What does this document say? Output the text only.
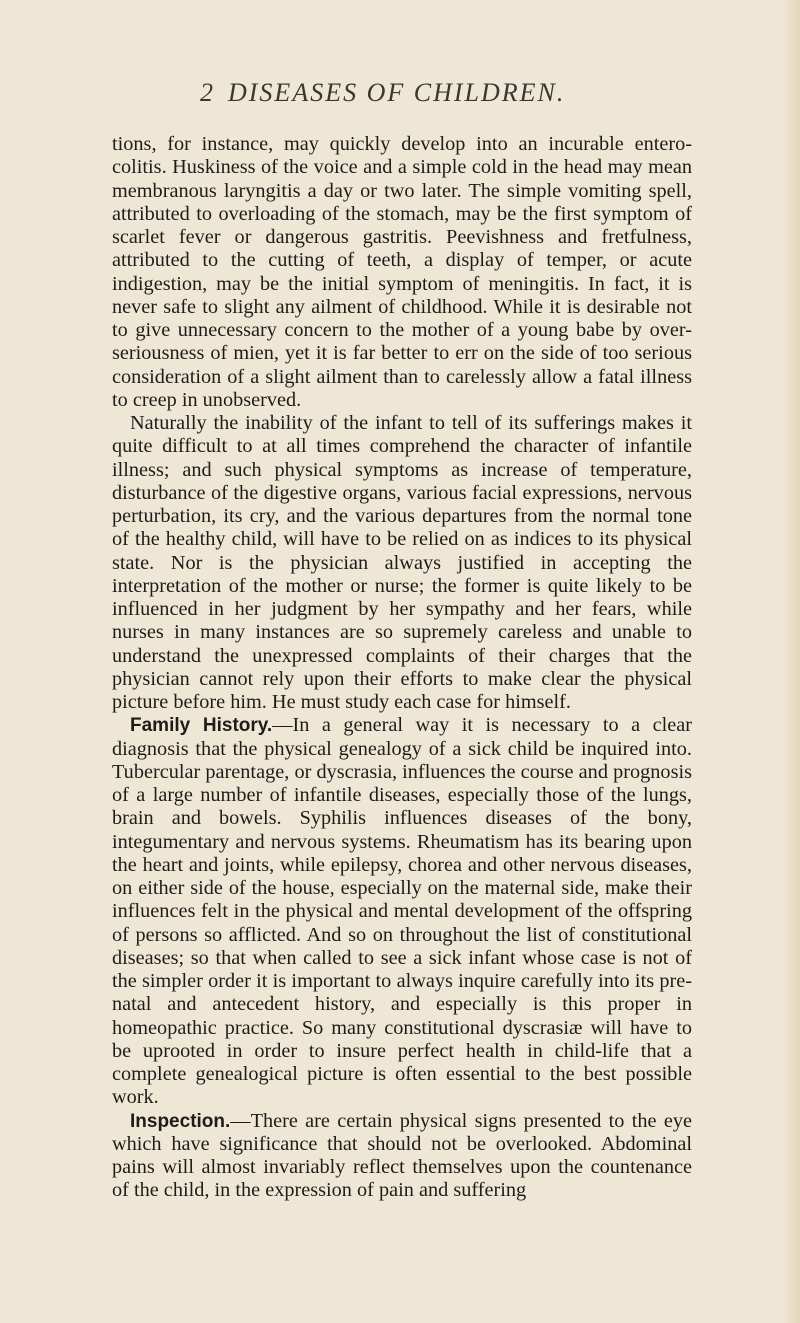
2 DISEASES OF CHILDREN.

tions, for instance, may quickly develop into an incurable entero-colitis. Huskiness of the voice and a simple cold in the head may mean membranous laryngitis a day or two later. The simple vomiting spell, attributed to overloading of the stomach, may be the first symptom of scarlet fever or dangerous gastritis. Peevishness and fretfulness, attributed to the cutting of teeth, a display of temper, or acute indigestion, may be the initial symptom of meningitis. In fact, it is never safe to slight any ailment of childhood. While it is desirable not to give unnecessary concern to the mother of a young babe by over-seriousness of mien, yet it is far better to err on the side of too serious consideration of a slight ailment than to carelessly allow a fatal illness to creep in unobserved.

Naturally the inability of the infant to tell of its sufferings makes it quite difficult to at all times comprehend the character of infantile illness; and such physical symptoms as increase of temperature, disturbance of the digestive organs, various facial expressions, nervous perturbation, its cry, and the various departures from the normal tone of the healthy child, will have to be relied on as indices to its physical state. Nor is the physician always justified in accepting the interpretation of the mother or nurse; the former is quite likely to be influenced in her judgment by her sympathy and her fears, while nurses in many instances are so supremely careless and unable to understand the unexpressed complaints of their charges that the physician cannot rely upon their efforts to make clear the physical picture before him. He must study each case for himself.

Family History.—In a general way it is necessary to a clear diagnosis that the physical genealogy of a sick child be inquired into. Tubercular parentage, or dyscrasia, influences the course and prognosis of a large number of infantile diseases, especially those of the lungs, brain and bowels. Syphilis influences diseases of the bony, integumentary and nervous systems. Rheumatism has its bearing upon the heart and joints, while epilepsy, chorea and other nervous diseases, on either side of the house, especially on the maternal side, make their influences felt in the physical and mental development of the offspring of persons so afflicted. And so on throughout the list of constitutional diseases; so that when called to see a sick infant whose case is not of the simpler order it is important to always inquire carefully into its pre-natal and antecedent history, and especially is this proper in homeopathic practice. So many constitutional dyscrasiæ will have to be uprooted in order to insure perfect health in child-life that a complete genealogical picture is often essential to the best possible work.

Inspection.—There are certain physical signs presented to the eye which have significance that should not be overlooked. Abdominal pains will almost invariably reflect themselves upon the countenance of the child, in the expression of pain and suffering
